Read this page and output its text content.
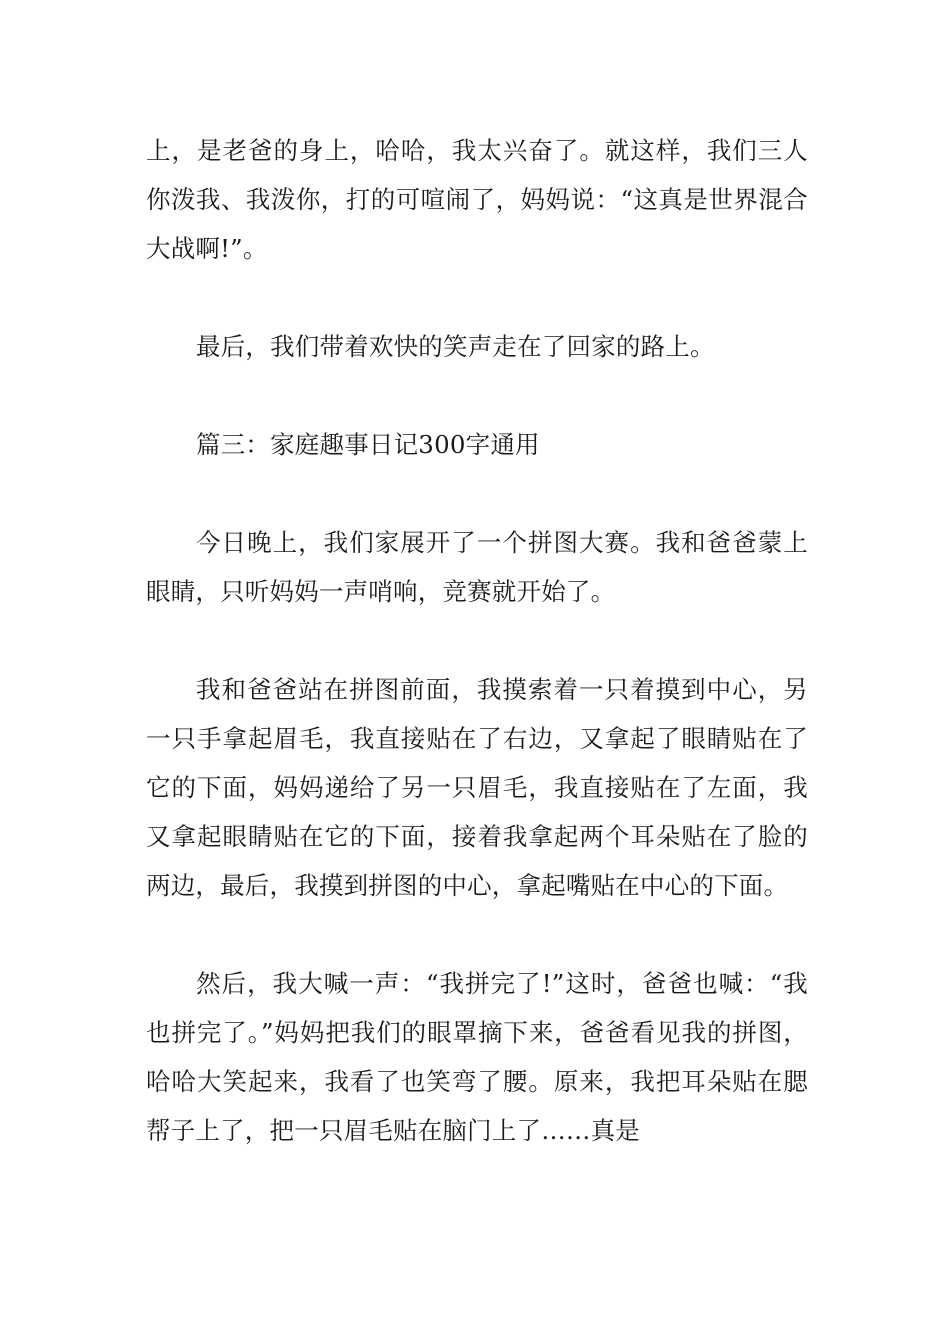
上，是老爸的身上，哈哈，我太兴奋了。就这样，我们三人你泼我、我泼你，打的可喧闹了，妈妈说：“这真是世界混合大战啊!”。

最后，我们带着欢快的笑声走在了回家的路上。

篇三：家庭趣事日记300字通用

今日晚上，我们家展开了一个拼图大赛。我和爸爸蒙上眼睛，只听妈妈一声哨响，竞赛就开始了。

我和爸爸站在拼图前面，我摸索着一只着摸到中心，另一只手拿起眉毛，我直接贴在了右边，又拿起了眼睛贴在了它的下面，妈妈递给了另一只眉毛，我直接贴在了左面，我又拿起眼睛贴在它的下面，接着我拿起两个耳朵贴在了脸的两边，最后，我摸到拼图的中心，拿起嘴贴在中心的下面。

然后，我大喊一声：“我拼完了!”这时，爸爸也喊：“我也拼完了。”妈妈把我们的眼罩摘下来，爸爸看见我的拼图，哈哈大笑起来，我看了也笑弯了腰。原来，我把耳朵贴在腮帮子上了，把一只眉毛贴在脑门上了……真是
